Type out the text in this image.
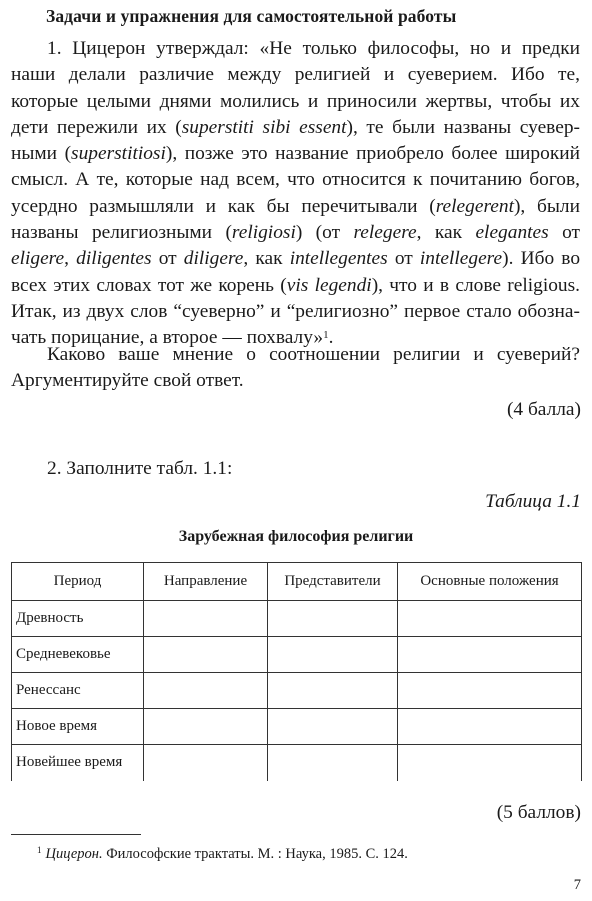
Задачи и упражнения для самостоятельной работы
1. Цицерон утверждал: «Не только философы, но и предки наши делали различие между религией и суеверием. Ибо те, которые целыми днями молились и приносили жертвы, чтобы их дети пережили их (superstiti sibi essent), те были названы суеверными (superstitiosi), позже это название приобрело более широкий смысл. А те, которые над всем, что относится к почитанию богов, усердно размышляли и как бы перечитывали (relegerent), были названы религиозными (religiosi) (от relegere, как elegantes от eligere, diligentes от diligere, как intellegentes от intellegere). Ибо во всех этих словах тот же корень (vis legendi), что и в слове religious. Итак, из двух слов “суеверно” и “религиозно” первое стало обозначать порицание, а второе — похвалу»$^1$.
Каково ваше мнение о соотношении религии и суеверий? Аргументируйте свой ответ.
(4 балла)
2. Заполните табл. 1.1:
Таблица 1.1
Зарубежная философия религии
Период	Направление	Представители	Основные положения
Древность			
Средневековье			
Ренессанс			
Новое время			
Новейшее время			
(5 баллов)
$^1$ Цицерон. Философские трактаты. М. : Наука, 1985. С. 124.
7
